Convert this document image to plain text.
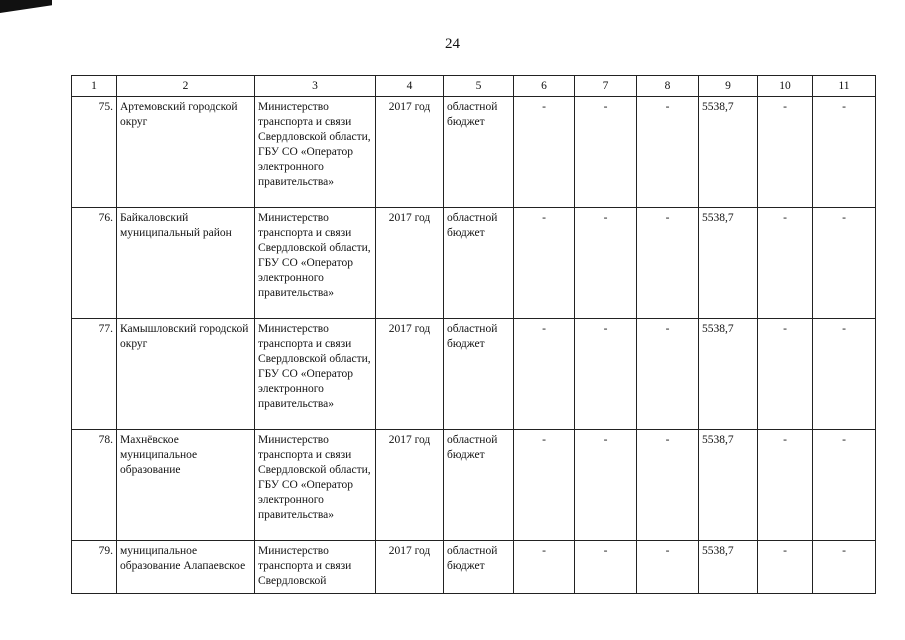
24
1	2	3	4	5	6	7	8	9	10	11
75.	Артемовский городской округ	Министерство транспорта и связи Свердловской области, ГБУ СО «Оператор электронного правительства»	2017 год	областной бюджет	-	-	-	5538,7	-	-
76.	Байкаловский муниципальный район	Министерство транспорта и связи Свердловской области, ГБУ СО «Оператор электронного правительства»	2017 год	областной бюджет	-	-	-	5538,7	-	-
77.	Камышловский городской округ	Министерство транспорта и связи Свердловской области, ГБУ СО «Оператор электронного правительства»	2017 год	областной бюджет	-	-	-	5538,7	-	-
78.	Махнёвское муниципальное образование	Министерство транспорта и связи Свердловской области, ГБУ СО «Оператор электронного правительства»	2017 год	областной бюджет	-	-	-	5538,7	-	-
79.	муниципальное образование Алапаевское	Министерство транспорта и связи Свердловской	2017 год	областной бюджет	-	-	-	5538,7	-	-
